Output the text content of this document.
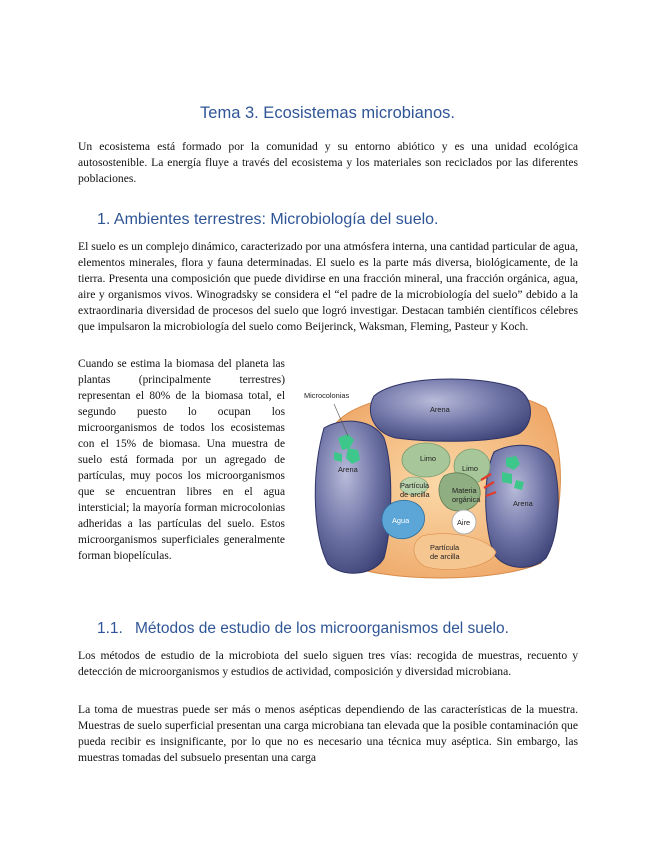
Tema 3. Ecosistemas microbianos.

Un ecosistema está formado por la comunidad y su entorno abiótico y es una unidad ecológica autosostenible. La energía fluye a través del ecosistema y los materiales son reciclados por las diferentes poblaciones.

1. Ambientes terrestres: Microbiología del suelo.

El suelo es un complejo dinámico, caracterizado por una atmósfera interna, una cantidad particular de agua, elementos minerales, flora y fauna determinadas. El suelo es la parte más diversa, biológicamente, de la tierra. Presenta una composición que puede dividirse en una fracción mineral, una fracción orgánica, agua, aire y organismos vivos. Winogradsky se considera el “el padre de la microbiología del suelo” debido a la extraordinaria diversidad de procesos del suelo que logró investigar. Destacan también científicos célebres que impulsaron la microbiología del suelo como Beijerinck, Waksman, Fleming, Pasteur y Koch.

Cuando se estima la biomasa del planeta las plantas (principalmente terrestres) representan el 80% de la biomasa total, el segundo puesto lo ocupan los microorganismos de todos los ecosistemas con el 15% de biomasa. Una muestra de suelo está formada por un agregado de partículas, muy pocos los microorganismos que se encuentran libres en el agua intersticial; la mayoría forman microcolonias adheridas a las partículas del suelo. Estos microorganismos superficiales generalmente forman biopelículas.

Microcolonias
Arena
Arena
Arena
Limo
Limo
Partícula
de arcilla	Materia
orgánica
Agua	Aire
Partícula
de arcilla
1.1. Métodos de estudio de los microorganismos del suelo.

Los métodos de estudio de la microbiota del suelo siguen tres vías: recogida de muestras, recuento y detección de microorganismos y estudios de actividad, composición y diversidad microbiana.

La toma de muestras puede ser más o menos asépticas dependiendo de las características de la muestra. Muestras de suelo superficial presentan una carga microbiana tan elevada que la posible contaminación que pueda recibir es insignificante, por lo que no es necesario una técnica muy aséptica. Sin embargo, las muestras tomadas del subsuelo presentan una carga
